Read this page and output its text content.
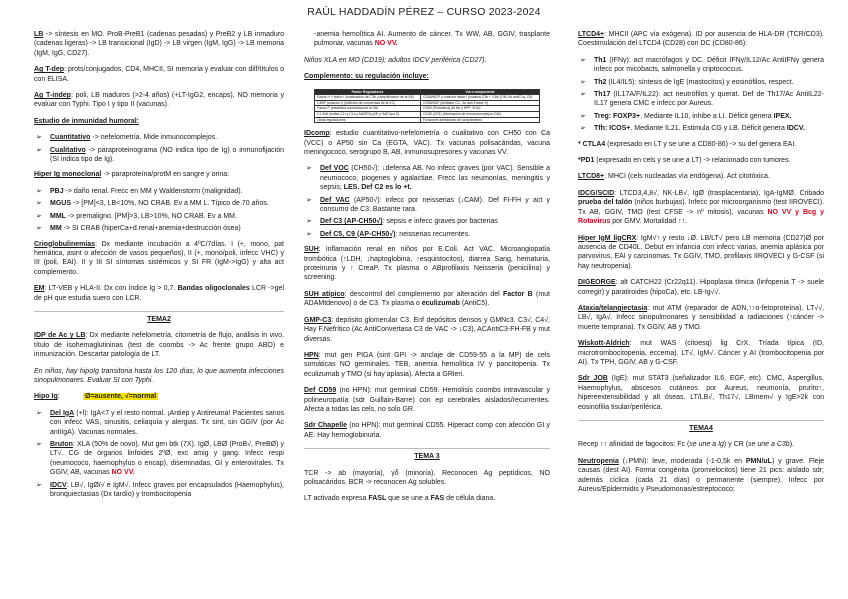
RAÚL HADDADÍN PÉREZ – CURSO 2023-2024

LB -> síntesis en MO. ProB-PreB1 (cadenas pesadas) y PreB2 y LB inmaduro (cadenas ligeras) -> LB transicional (IgD) -> LB virgen (IgM, IgG) -> LB memoria (IgM, IgG, CD27).

Ag T-dep: prots/conjugados, CD4, MHCII, SI memoria y evaluar con dilf/títulos o con ELISA.

Ag T-indep: poli, LB maduros (>2-4 años) (+LT-IgG2, encaps), NO memoria y evaluar con Typhi. Tipo I y tipo II (vacunas).

Estudio de inmunidad humoral:

➢ Cuantitativo -> nefelometría. Mide inmunocomplejos.
➢ Cualitativo -> paraproteinograma (NO indica tipo de Ig) o inmunofijación (SI indica tipo de Ig).

Hiper Ig monoclonal -> paraproteína/protM en sangre y orina:

➢ PBJ -> daño renal. Frecc en MM y Waldenstorm (malignidad).
➢ MGUS -> [PM]<3, LB<10%, NO CRAB. Ev a MM L. Típico de 70 años.
➢ MML -> premaligno. [PM]>3, LB>10%, NO CRAB. Ev a MM.
➢ MM -> SI CRAB (hiperCa+d.renal+anemia+destrucción ósea)

Crioglobulinemias: Dx mediante incubación a 4ºC/7días. I (+, mono, pat hemática, asint o afección de vasos pequeños), II (+, mono/poli, infecc VHC) y III (poli, EAI). II y III SI síntomas sistémicos y SI FR (IgM->IgG) y alta act complemento.

EM: LT-VEB y HLA-II. Dx con índice Ig > 0,7. Bandas oligoclonales LCR ->gel de pH que estudia suero con LCR.

TEMA2

IDP de Ac y LB: Dx mediante nefelometría, citometría de flujo, análisis in vivo, título de isohemaglutininas (test de coombs -> Ac frente grupo ABO) e inmunización. Descartar patología de LT.

En niños, hay hipoIg transitoria hasta los 120 días, lo que aumenta infecciones sinopulmonares. Evaluar SI con Typhi.

Hipo Ig:	Ø=ausente, √=normal

➢ Del IgA (+l): IgA<7 y el resto normal. ¡Antiep y Antireuma! Pacientes sanos con infecc VAS, sinusitis, celiaquía y alergias. Tx sint, sin GGIV (por Ac antiIgA). Vacunas normales.
➢ Bruton: XLA (50% de novo). Mut gen btk (7X). IgØ, LBØ (ProB√, PreBØ) y LT√. CG de órganos linfoides 2ºØ, exc amig y gang. Infecc respi (neumococo, haemophylus o encap), diseminadas, GI y enterovirales. Tx GGIV, AB, vacunas NO VV.
➢ IDCV: LB√, IgØ/√ e IgM√. Infecc graves por encapsulados (Haemophylus), bronquiectasias (Dx tardío) y trombocitopenia

-anemia hemolítica AI. Aumento de cáncer. Tx WW, AB, GGIV, trasplante pulmonar, vacunas NO VV.

Niños XLA en MO (CD19); adultos IDCV periférica (CD27).

Complemento: su regulación incluye:

Factor Reguladores	Vía o componente
Factor H + factor I (inactivación de C3b y amplificación de la VA)	CD46/MCP o cofactor factor I (inactiva C3b + C4b) (DM, Ac antiC1q, C5)
C4BP (cofactor I) (inhibidor de convertasa de la VC)	CD55/DAF (inhibidor C3 - Ac anti-Factor H)
Factor P (estabiliza convertasa de la VA)	CD59 (Protectina) (Ø Hb y HPP, SHU)
C1-INH (inhibe C1r y C1s y MASPs) (AE y HAE tipo II)	CD35 (CR1) (eliminación de inmunocomplejos C3b)
Otras regulaciones	Funciones inhibidoras de complemento

IDcomp: estudio cuantitativo-nefelometría o cualitativo con CH50 con Ca (VCC) o AP50 sin Ca (EGTA, VAC). Tx vacunas polisacáridas, vacuna meningococo, serogrupo B, AB, inmunosupresores y vacunas VV.

➢ Def VOC (CH50√): ↓defensa AB. No infecc graves (por VAC). Sensible a neumococo, piogenes y agalactiae. Frecc las neumonías, meningitis y sepsis; LES. Def C2 es lo +t.
➢ Def VAC (AP50√): infecc por neisserias (↓CAM). Def FI-FH y act y consumo de C3. Bastante rara.
➢ Def C3 (AP-CH50√): sepsis e infecc graves por bacterias
➢ Def C5, C9 (AP-CH50√): neisserias recurrentes.

SUH: inflamación renal en niños por E.Coli. Act VAC. Microangiopatía trombótica (↑LDH, ↓haptoglobina, ↑esquistocitos), diarrea Sang, hematuria, proteinuria y ↑ CreaP. Tx plasma o ABprofilaxis Neisseria (penicilina) y screening.

SUH atípico: descontrol del complemento por alteración del Factor B (mut ADAMtdenovo) o de C3. Tx plasma o eculizumab (AntiC5).

GMP-C3: depósito glomerular C3. Enf depósitos densos y GMNc3. C3√, C4√. Hay F.Nefrítico (Ac AntiConvertasa C3 de VAC -> ↓C3), ACAntiC3-FH-FB y mut diversas.

HPN: mut gen PIGA (sint GPI -> anclaje de CD59-55 a la MP) de cels somáticas NO germinales. TEB, anemia hemolítica IV y pancitopenia. Tx eculizumab y TMO (si hay aplasia). Afecta a GRleri.

Def CD59 (no HPN): mut germinal CD59. Hemolisis coombs intravascular y polineuropatía (sdr Guillain-Barre) con ep cerebrales aislados/recurrentes. Afecta a todas las cels, no solo GR.

Sdr Chapelle (no HPN): mut germinal CD55. Hiperact comp con afección GI y AE. Hay hemoglobinuria.

TEMA 3

TCR -> ab (mayoría), γδ (minoría). Reconocen Ag peptídicos, NO polisacáridos. BCR -> reconocen Ag solubles.

LT activado expresa FASL que se une a FAS de célula diana.

LTCD4+: MHCII (APC vía exógena). ID por ausencia de HLA-DR (TCR/CD3). Coestimulación del LTCD4 (CD28) con DC (CD80-86):

➢ Th1 (IFNγ): act macrófagos y DC. Déficit IFNγ/IL12/Ac AntiIFNγ genera infecc por micobacts, salmonella y criptococcus.
➢ Th2 (IL4/IL5): síntesis de IgE (mastocitos) y eosinófilos, respect.
➢ Th17 (IL17A/F/IL22): act neutrófilos y querat. Def de Th17/Ac AntiIL22-IL17 genera CMC e infecc por Aureus.
➢ Treg: FOXP3+. Mediante IL10, inhibe a LI. Déficit genera IPEX.
➢ Tfh: ICOS+. Mediante IL21. Estimula CG y LB. Déficit genera IDCV.

* CTLA4 (expresado en LT y se une a CD80-86) -> su def genera EAI.

*PD1 (expresado en cels y se une a LT) -> relacionado con tumores.

LTCD8+: MHCI (cels nucleadas vía endógena). Act citotóxica.

IDCG/SCID: LTCD3,4,8√, NK-LB√, IgØ (trasplacentaria), IgA-IgMØ. Cribado prueba del talón (niños burbujas). Infecc por microorganismo (test IIROVECI). Tx AB, GGIV, TMO (test CFSE -> nº mitosis), vacunas NO VV y Bcg y Rotavirus por GMV. Mortalidad ↑↑.

Hiper IgM ligCRX: IgM√↑ y resto ↓Ø. LB/LT√ pero LB memoria (CD27)Ø por ausencia de CD40L. Debut en infancia con infecc varias, anemia aplásica por parvovirus, EAI y carcinomas. Tx GGIV, TMO, profilaxis IIROVECI y G-CSF (si hay neutropenia).

DIGEORGE: alt CATCH22 (Cr22q11). Hipoplasia tímica (linfopenia T -> suele corregir) y paratiroides (hipoCa), etc. LB-Ig√√.

Ataxia/telangiectasia: mut ATM (reparador de ADN,↑↑α-fetoproteína). LT√√, LB√, IgA√. Infecc sinopulmonares y sensibilidad a radiaciones (↑cáncer -> muerte temprana). Tx GGIV, AB y TMO.

Wiskott-Aldrich: mut WAS (citoesq) lig CrX. Tríada típica (ID, microtrombocitopenia, eccema). LT√, IgM√. Cáncer y AI (trombocitopenia por AI). Tx TPH, GGIV, AB y G-CSF.

Sdr JOB (IgE): mut STAT3 (señalizador IL6, EGF, etc). CMC, Aspergillus, Haemophylus, abscesos cutáneos por Aureus, neumonía, prurito↑, hipereextensibilidad y alt óseas. LT/LB√, Th17√, LBmem√ y IgE>2k con eosinofilia tisular/periférica.

TEMA4

Recep ↑↑ afinidad de fagocitos: Fc (se une a Ig) y CR (se une a C3b).

Neutropenia (↓PMN): leve, moderada (-1-0,5k en PMN/uL) y grave. Fleje causas (dest AI). Forma congénita (promielocitos) tiene 21 pics: aislado sdr; además cíclica (cada 21 días) o permanente (siempre). Infecc por Aureus/Epidermidis y Pseudomonas/estreptococo;
